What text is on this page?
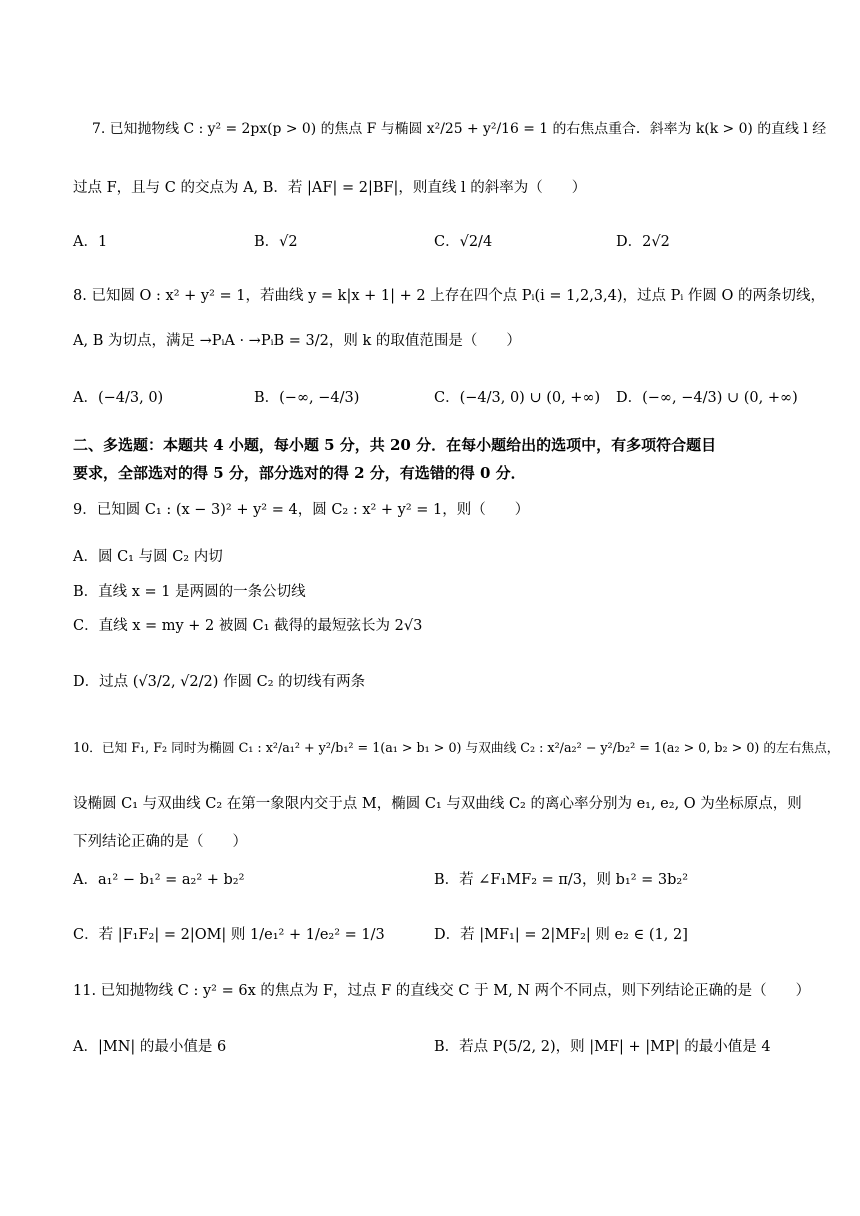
7. 已知抛物线 C : y² = 2px(p > 0) 的焦点 F 与椭圆 x²/25 + y²/16 = 1 的右焦点重合．斜率为 k(k > 0) 的直线 l 经
过点 F，且与 C 的交点为 A, B．若 |AF| = 2|BF|，则直线 l 的斜率为（　　）
A．1	B．√2	C．√2/4	D．2√2
8. 已知圆 O : x² + y² = 1，若曲线 y = k|x + 1| + 2 上存在四个点 Pᵢ(i = 1,2,3,4)，过点 Pᵢ 作圆 O 的两条切线，
A, B 为切点，满足 →PᵢA · →PᵢB = 3/2，则 k 的取值范围是（　　）
A．(−4/3, 0)	B．(−∞, −4/3)	C．(−4/3, 0) ∪ (0, +∞) D．(−∞, −4/3) ∪ (0, +∞)
二、多选题：本题共 4 小题，每小题 5 分，共 20 分．在每小题给出的选项中，有多项符合题目
要求，全部选对的得 5 分，部分选对的得 2 分，有选错的得 0 分．
9．已知圆 C₁ : (x − 3)² + y² = 4，圆 C₂ : x² + y² = 1，则（　　）
A．圆 C₁ 与圆 C₂ 内切
B．直线 x = 1 是两圆的一条公切线
C．直线 x = my + 2 被圆 C₁ 截得的最短弦长为 2√3
D．过点 (√3/2, √2/2) 作圆 C₂ 的切线有两条
10．已知 F₁, F₂ 同时为椭圆 C₁ : x²/a₁² + y²/b₁² = 1(a₁ > b₁ > 0) 与双曲线 C₂ : x²/a₂² − y²/b₂² = 1(a₂ > 0, b₂ > 0) 的左右焦点，
设椭圆 C₁ 与双曲线 C₂ 在第一象限内交于点 M，椭圆 C₁ 与双曲线 C₂ 的离心率分别为 e₁, e₂, O 为坐标原点，则
下列结论正确的是（　　）
A．a₁² − b₁² = a₂² + b₂²	B．若 ∠F₁MF₂ = π/3，则 b₁² = 3b₂²
C．若 |F₁F₂| = 2|OM| 则 1/e₁² + 1/e₂² = 1/3	D．若 |MF₁| = 2|MF₂| 则 e₂ ∈ (1, 2]
11. 已知抛物线 C : y² = 6x 的焦点为 F，过点 F 的直线交 C 于 M, N 两个不同点，则下列结论正确的是（　　）
A．|MN| 的最小值是 6	B．若点 P(5/2, 2)，则 |MF| + |MP| 的最小值是 4
